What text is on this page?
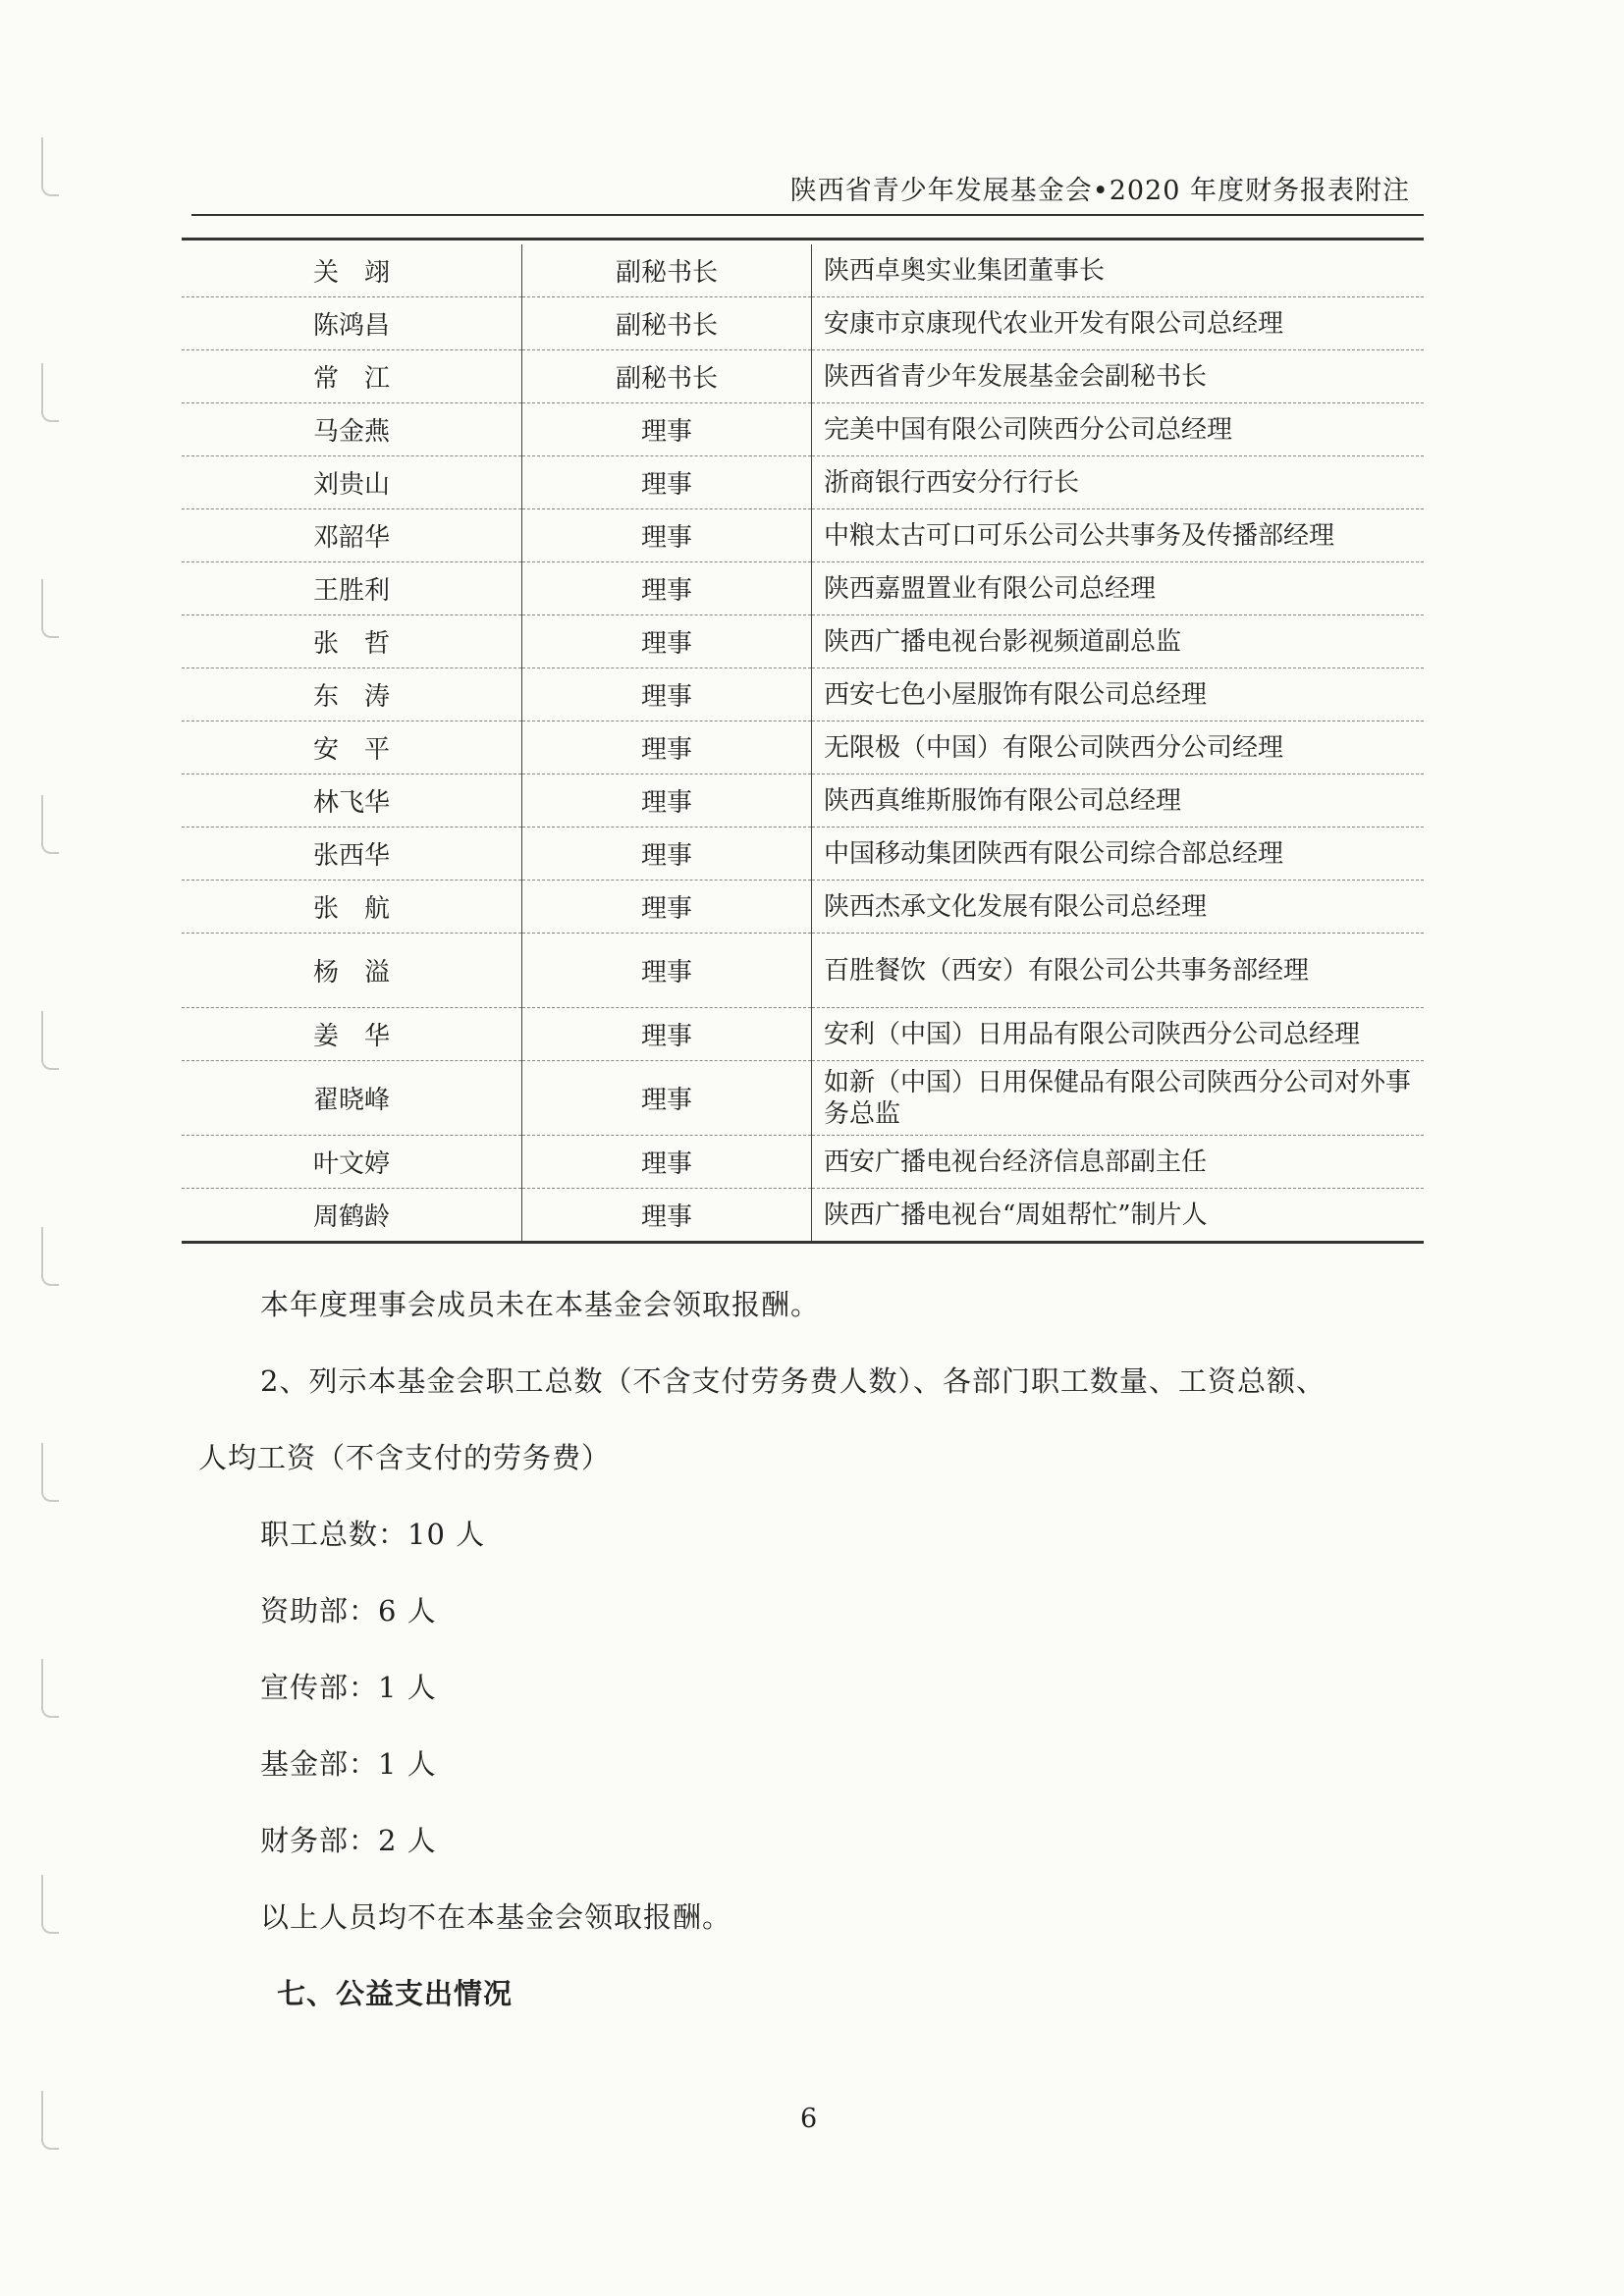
陕西省青少年发展基金会•2020 年度财务报表附注
关　翊	副秘书长	陕西卓奥实业集团董事长
陈鸿昌	副秘书长	安康市京康现代农业开发有限公司总经理
常　江	副秘书长	陕西省青少年发展基金会副秘书长
马金燕	理事	完美中国有限公司陕西分公司总经理
刘贵山	理事	浙商银行西安分行行长
邓韶华	理事	中粮太古可口可乐公司公共事务及传播部经理
王胜利	理事	陕西嘉盟置业有限公司总经理
张　哲	理事	陕西广播电视台影视频道副总监
东　涛	理事	西安七色小屋服饰有限公司总经理
安　平	理事	无限极（中国）有限公司陕西分公司经理
林飞华	理事	陕西真维斯服饰有限公司总经理
张西华	理事	中国移动集团陕西有限公司综合部总经理
张　航	理事	陕西杰承文化发展有限公司总经理
杨　溢	理事	百胜餐饮（西安）有限公司公共事务部经理
姜　华	理事	安利（中国）日用品有限公司陕西分公司总经理
翟晓峰	理事	如新（中国）日用保健品有限公司陕西分公司对外事务总监
叶文婷	理事	西安广播电视台经济信息部副主任
周鹤龄	理事	陕西广播电视台“周姐帮忙”制片人
本年度理事会成员未在本基金会领取报酬。
2、列示本基金会职工总数（不含支付劳务费人数）、各部门职工数量、工资总额、
人均工资（不含支付的劳务费）
职工总数：10 人
资助部：6 人
宣传部：1 人
基金部：1 人
财务部：2 人
以上人员均不在本基金会领取报酬。
七、公益支出情况
6
